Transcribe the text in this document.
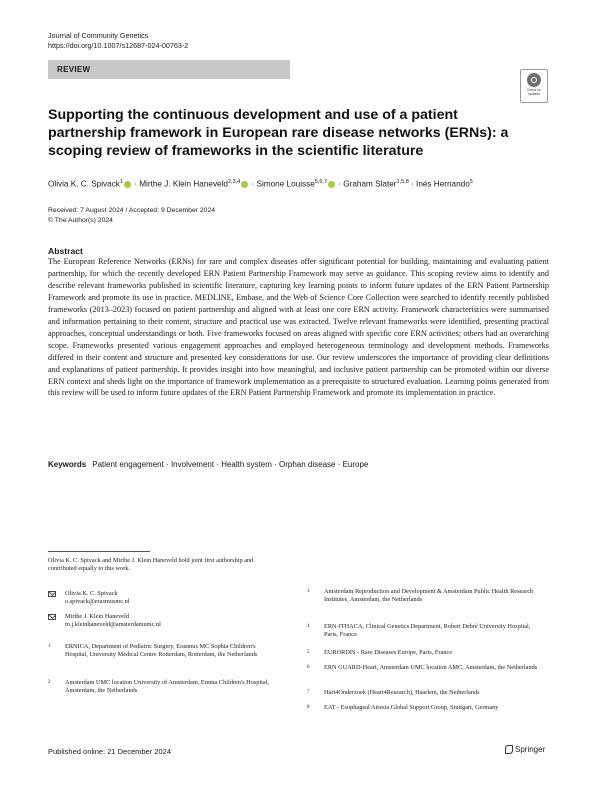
Journal of Community Genetics
https://doi.org/10.1007/s12687-024-00763-2
REVIEW
Check for updates
Supporting the continuous development and use of a patient partnership framework in European rare disease networks (ERNs): a scoping review of frameworks in the scientific literature
Olivia K. C. Spivack$^1$ · Mirthe J. Klein Haneveld$^{2,3,4}$ · Simone Louisse$^{5,6,7}$ · Graham Slater$^{1,5,8}$ · Inés Hernando$^5$
Received: 7 August 2024 / Accepted: 9 December 2024
© The Author(s) 2024
Abstract
The European Reference Networks (ERNs) for rare and complex diseases offer significant potential for building, maintaining and evaluating patient partnership, for which the recently developed ERN Patient Partnership Framework may serve as guidance. This scoping review aims to identify and describe relevant frameworks published in scientific literature, capturing key learning points to inform future updates of the ERN Patient Partnership Framework and promote its use in practice. MEDLINE, Embase, and the Web of Science Core Collection were searched to identify recently published frameworks (2013–2023) focused on patient partnership and aligned with at least one core ERN activity. Framework characteristics were summarised and information pertaining to their content, structure and practical use was extracted. Twelve relevant frameworks were identified, presenting practical approaches, conceptual understandings or both. Five frameworks focused on areas aligned with specific core ERN activities; others had an overarching scope. Frameworks presented various engagement approaches and employed heterogeneous terminology and development methods. Frameworks differed in their content and structure and presented key considerations for use. Our review underscores the importance of providing clear definitions and explanations of patient partnership. It provides insight into how meaningful, and inclusive patient partnership can be promoted within our diverse ERN context and sheds light on the importance of framework implementation as a prerequisite to structured evaluation. Learning points generated from this review will be used to inform future updates of the ERN Patient Partnership Framework and promote its implementation in practice.
Keywords Patient engagement · Involvement · Health system · Orphan disease · Europe
Olivia K. C. Spivack and Mirthe J. Klein Haneveld hold joint first authorship and contributed equally to this work.
Olivia K. C. Spivack
o.spivack@erasmusmc.nl
Mirthe J. Klein Haneveld
m.j.kleinhaneveld@amsterdamumc.nl
1 ERNICA, Department of Pediatric Surgery, Erasmus MC Sophia Children's Hospital, University Medical Centre Rotterdam, Rotterdam, the Netherlands
2 Amsterdam UMC location University of Amsterdam, Emma Children's Hospital, Amsterdam, the Netherlands
3 Amsterdam Reproduction and Development & Amsterdam Public Health Research Institutes, Amsterdam, the Netherlands
4 ERN-ITHACA, Clinical Genetics Department, Robert Debré University Hospital, Paris, France
5 EURORDIS - Rare Diseases Europe, Paris, France
6 ERN GUARD-Heart, Amsterdam UMC location AMC, Amsterdam, the Netherlands
7 Hart4Onderzoek (Heart4Research), Haarlem, the Netherlands
8 EAT - Esophageal Atresia Global Support Group, Stuttgart, Germany
Published online: 21 December 2024	Springer
